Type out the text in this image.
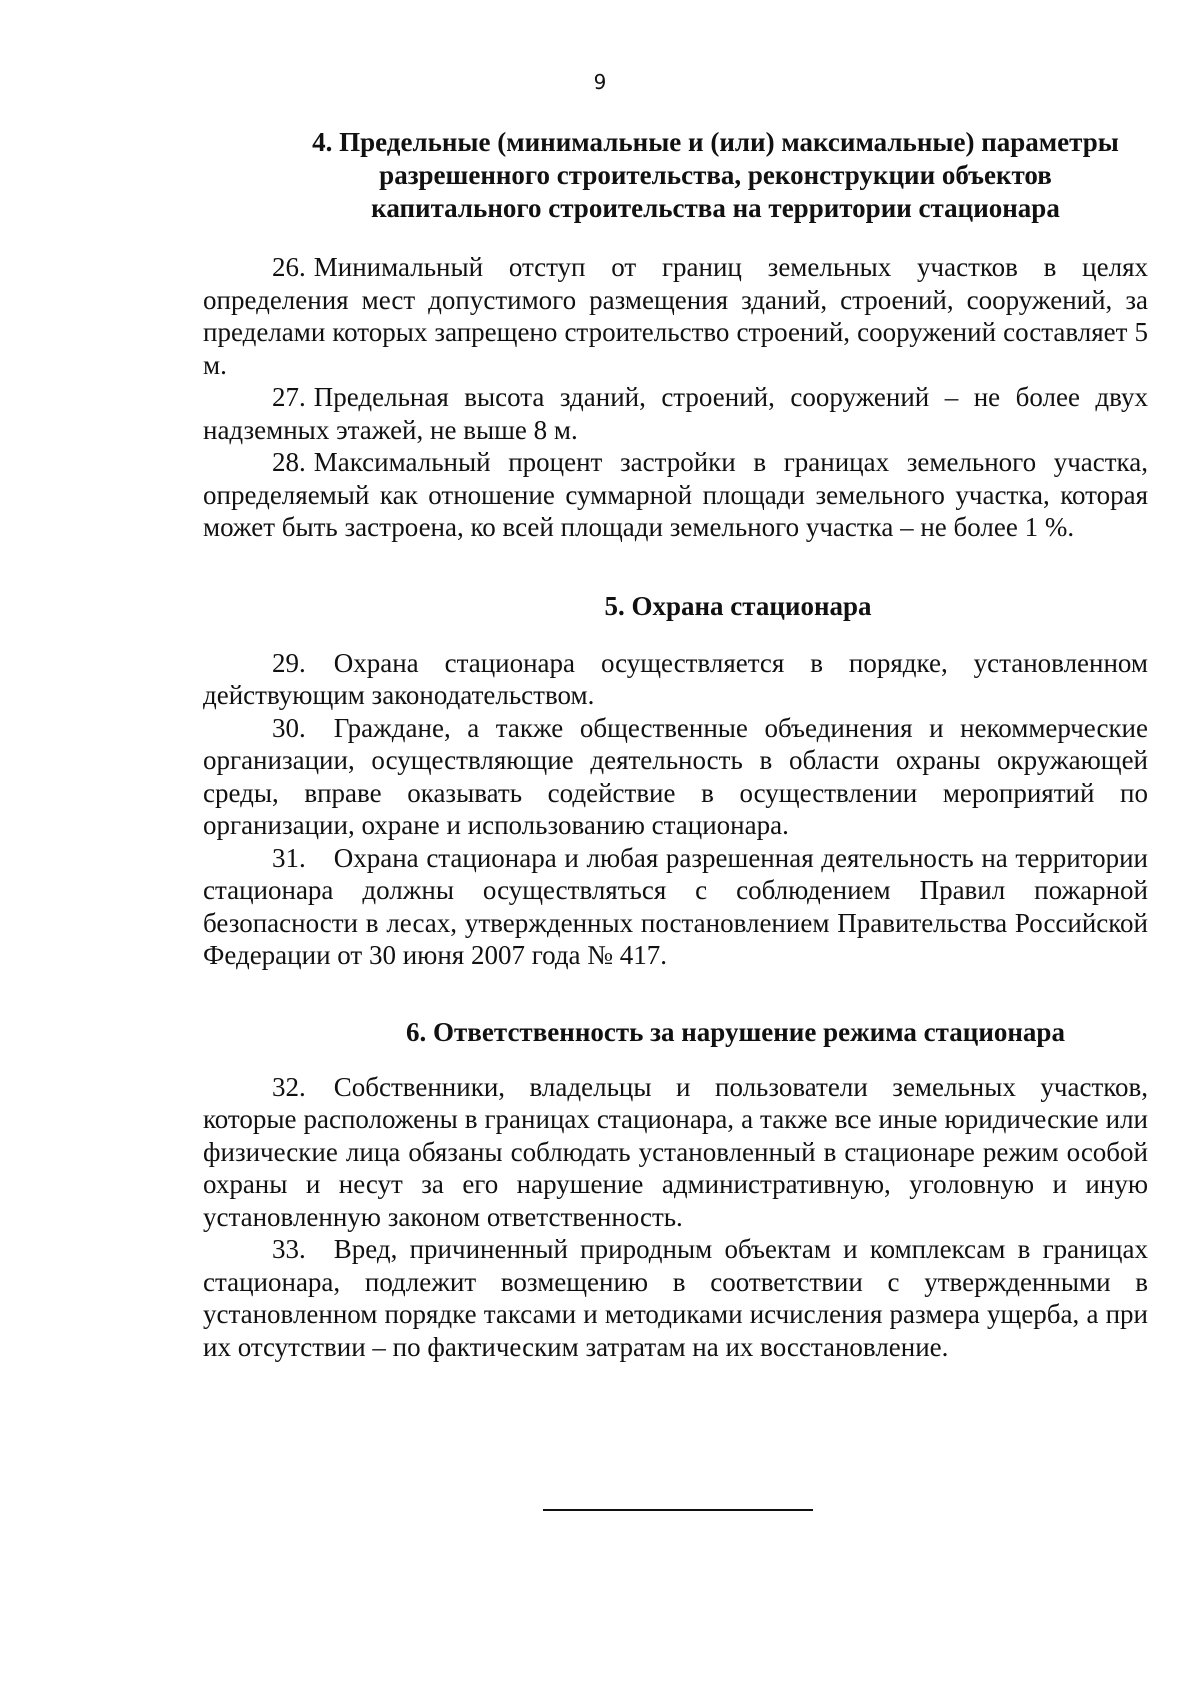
9
4. Предельные (минимальные и (или) максимальные) параметры
разрешенного строительства, реконструкции объектов
капитального строительства на территории стационара

26. Минимальный отступ от границ земельных участков в целях определения мест допустимого размещения зданий, строений, сооружений, за пределами которых запрещено строительство строений, сооружений составляет 5 м.

27. Предельная высота зданий, строений, сооружений – не более двух надземных этажей, не выше 8 м.

28. Максимальный процент застройки в границах земельного участка, определяемый как отношение суммарной площади земельного участка, которая может быть застроена, ко всей площади земельного участка – не более 1 %.

5. Охрана стационара

29. Охрана стационара осуществляется в порядке, установленном действующим законодательством.

30. Граждане, а также общественные объединения и некоммерческие организации, осуществляющие деятельность в области охраны окружающей среды, вправе оказывать содействие в осуществлении мероприятий по организации, охране и использованию стационара.

31. Охрана стационара и любая разрешенная деятельность на территории стационара должны осуществляться с соблюдением Правил пожарной безопасности в лесах, утвержденных постановлением Правительства Российской Федерации от 30 июня 2007 года № 417.

6. Ответственность за нарушение режима стационара

32. Собственники, владельцы и пользователи земельных участков, которые расположены в границах стационара, а также все иные юридические или физические лица обязаны соблюдать установленный в стационаре режим особой охраны и несут за его нарушение административную, уголовную и иную установленную законом ответственность.

33. Вред, причиненный природным объектам и комплексам в границах стационара, подлежит возмещению в соответствии с утвержденными в установленном порядке таксами и методиками исчисления размера ущерба, а при их отсутствии – по фактическим затратам на их восстановление.
